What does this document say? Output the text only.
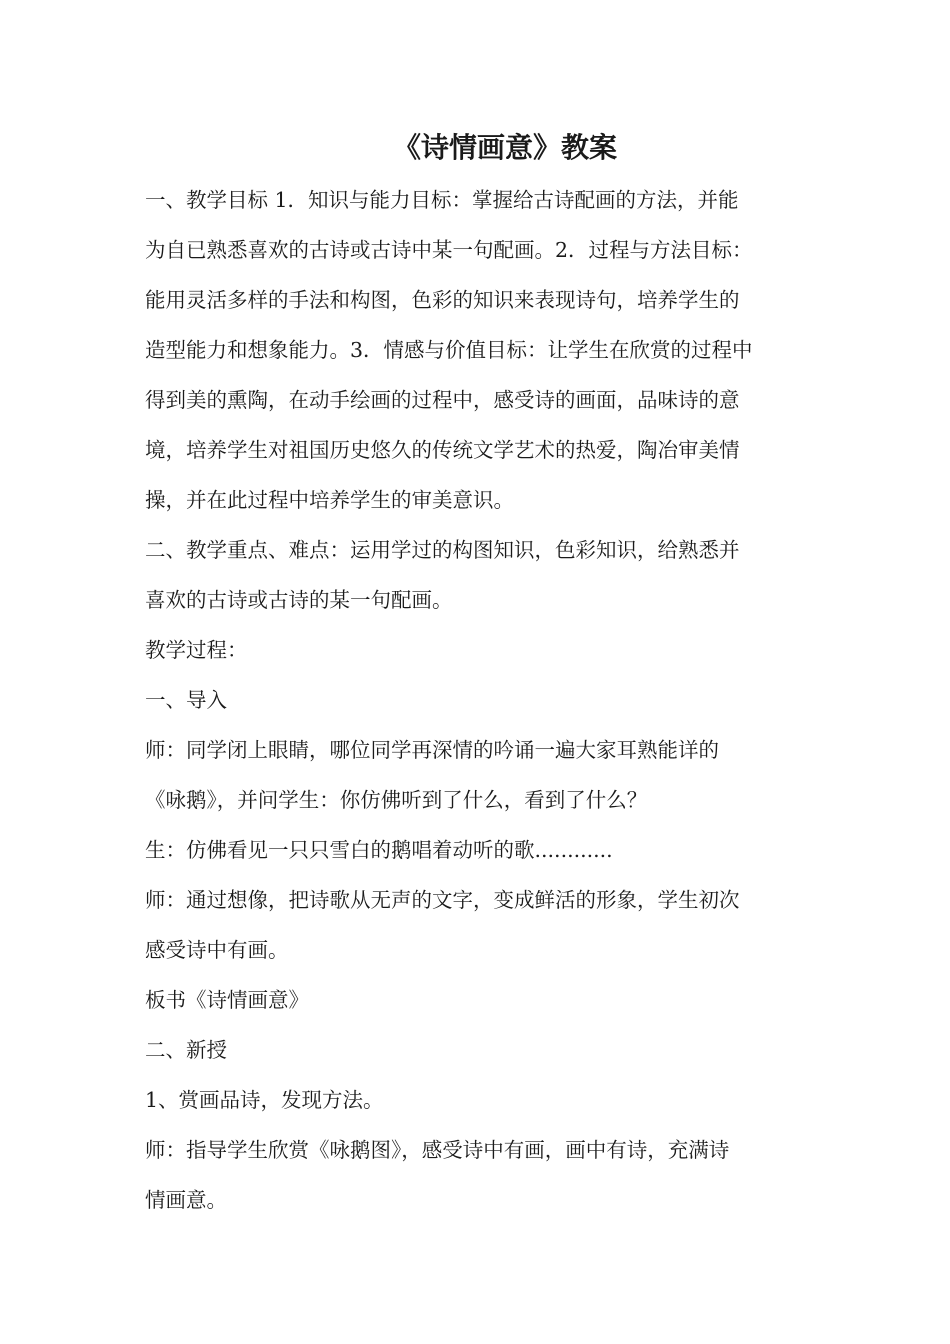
《诗情画意》教案
一、教学目标 1．知识与能力目标：掌握给古诗配画的方法，并能
为自已熟悉喜欢的古诗或古诗中某一句配画。2．过程与方法目标：
能用灵活多样的手法和构图，色彩的知识来表现诗句，培养学生的
造型能力和想象能力。3．情感与价值目标：让学生在欣赏的过程中
得到美的熏陶，在动手绘画的过程中，感受诗的画面，品味诗的意
境，培养学生对祖国历史悠久的传统文学艺术的热爱，陶冶审美情
操，并在此过程中培养学生的审美意识。
二、教学重点、难点：运用学过的构图知识，色彩知识，给熟悉并
喜欢的古诗或古诗的某一句配画。
教学过程：
一、导入
师：同学闭上眼睛，哪位同学再深情的吟诵一遍大家耳熟能详的
《咏鹅》，并问学生：你仿佛听到了什么，看到了什么？
生：仿佛看见一只只雪白的鹅唱着动听的歌............
师：通过想像，把诗歌从无声的文字，变成鲜活的形象，学生初次
感受诗中有画。
板书《诗情画意》
二、新授
1、赏画品诗，发现方法。
师：指导学生欣赏《咏鹅图》，感受诗中有画，画中有诗，充满诗
情画意。
